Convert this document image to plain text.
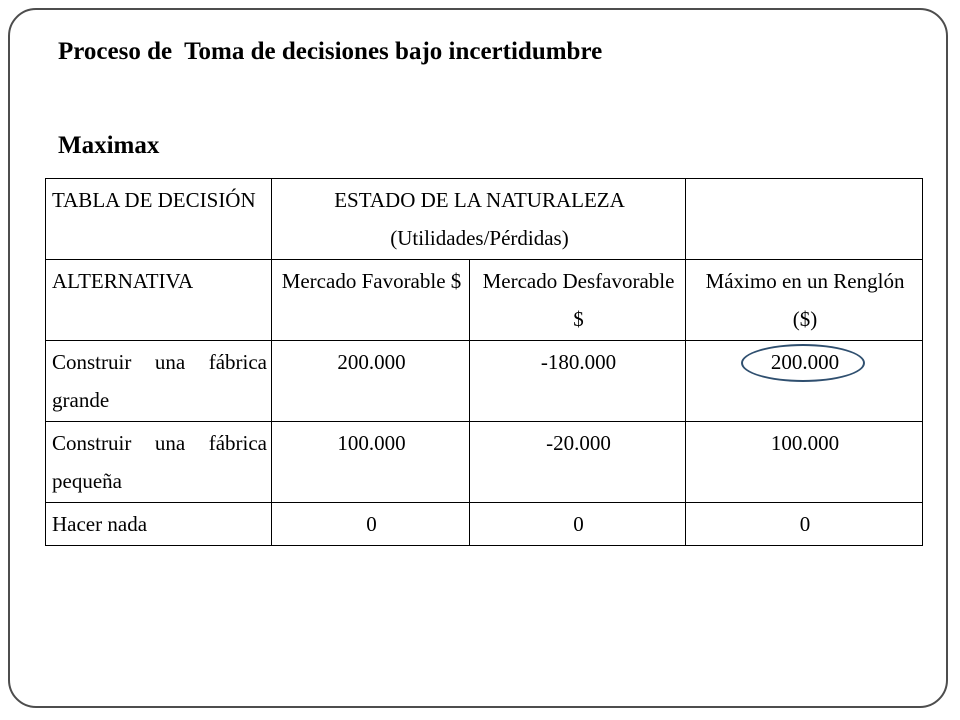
Proceso de  Toma de decisiones bajo incertidumbre
Maximax
TABLA DE DECISIÓN	ESTADO DE LA NATURALEZA (Utilidades/Pérdidas)		
ALTERNATIVA	Mercado Favorable $	Mercado Desfavorable $	Máximo en un Renglón ($)
Construir una fábrica grande	200.000	-180.000	200.000

Construir una fábrica pequeña	100.000	-20.000	100.000
Hacer nada	0	0	0
